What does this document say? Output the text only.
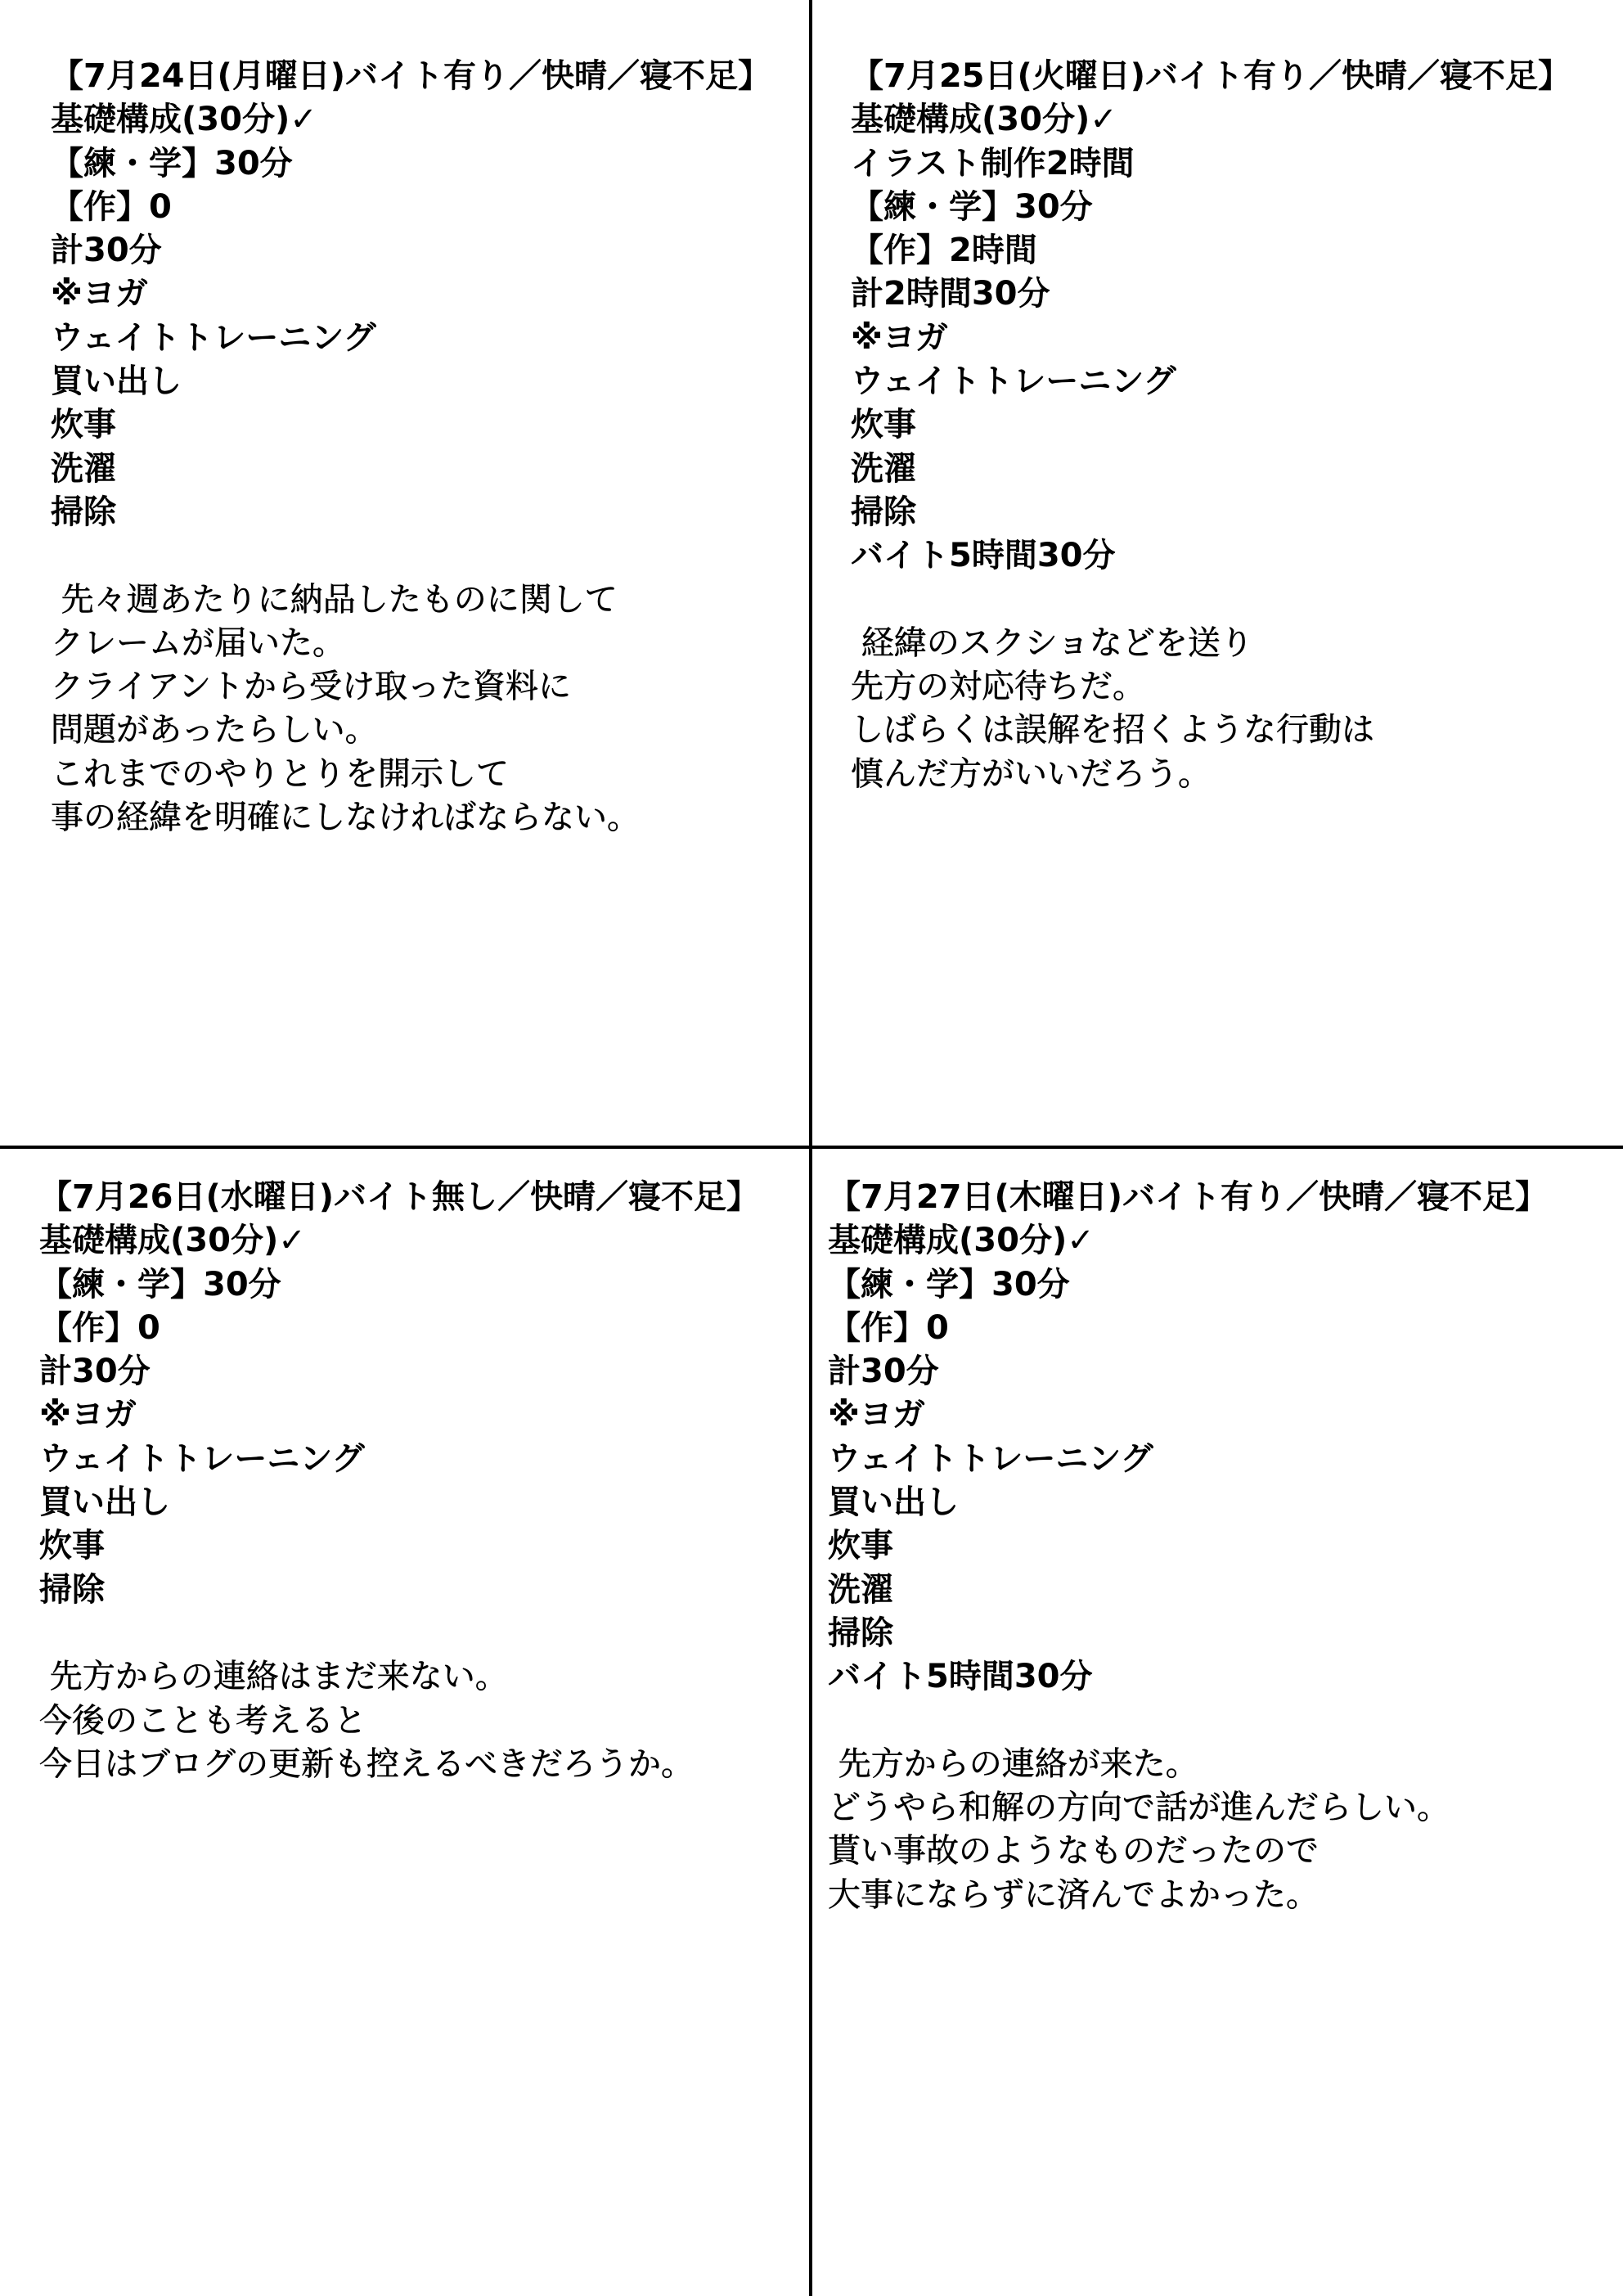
【7月24日(月曜日)バイト有り／快晴／寝不足】
基礎構成(30分)✓
【練・学】30分
【作】0
計30分
※ヨガ
ウェイトトレーニング
買い出し
炊事
洗濯
掃除
先々週あたりに納品したものに関して
クレームが届いた。
クライアントから受け取った資料に
問題があったらしい。
これまでのやりとりを開示して
事の経緯を明確にしなければならない。
【7月25日(火曜日)バイト有り／快晴／寝不足】
基礎構成(30分)✓
イラスト制作2時間
【練・学】30分
【作】2時間
計2時間30分
※ヨガ
ウェイトトレーニング
炊事
洗濯
掃除
バイト5時間30分
経緯のスクショなどを送り
先方の対応待ちだ。
しばらくは誤解を招くような行動は
慎んだ方がいいだろう。
【7月26日(水曜日)バイト無し／快晴／寝不足】
基礎構成(30分)✓
【練・学】30分
【作】0
計30分
※ヨガ
ウェイトトレーニング
買い出し
炊事
掃除
先方からの連絡はまだ来ない。
今後のことも考えると
今日はブログの更新も控えるべきだろうか。
【7月27日(木曜日)バイト有り／快晴／寝不足】
基礎構成(30分)✓
【練・学】30分
【作】0
計30分
※ヨガ
ウェイトトレーニング
買い出し
炊事
洗濯
掃除
バイト5時間30分
先方からの連絡が来た。
どうやら和解の方向で話が進んだらしい。
貰い事故のようなものだったので
大事にならずに済んでよかった。
